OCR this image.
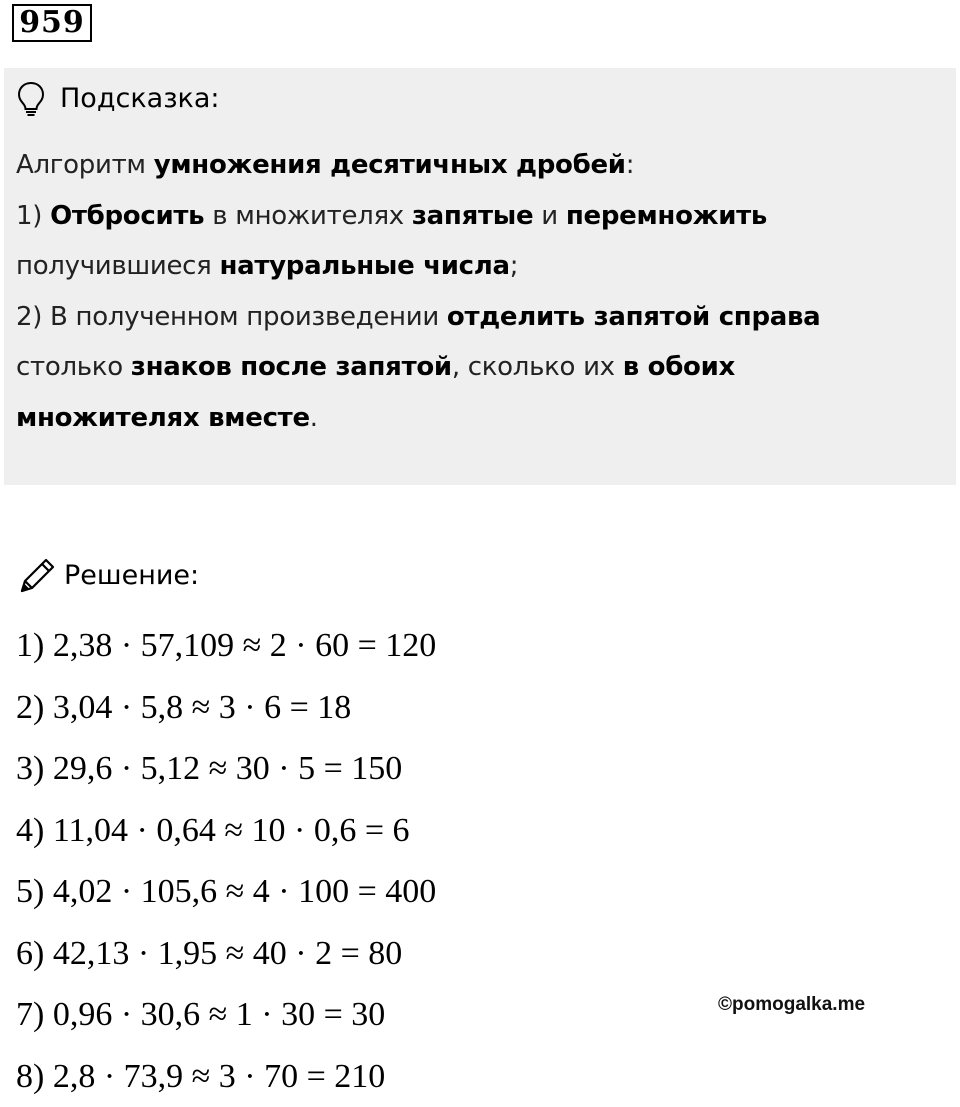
959
Подсказка:
Алгоритм умножения десятичных дробей:
1) Отбросить в множителях запятые и перемножить
получившиеся натуральные числа;
2) В полученном произведении отделить запятой справа
столько знаков после запятой, сколько их в обоих
множителях вместе.
Решение:
1) 2,38 · 57,109 ≈ 2 · 60 = 120
2) 3,04 · 5,8 ≈ 3 · 6 = 18
3) 29,6 · 5,12 ≈ 30 · 5 = 150
4) 11,04 · 0,64 ≈ 10 · 0,6 = 6
5) 4,02 · 105,6 ≈ 4 · 100 = 400
6) 42,13 · 1,95 ≈ 40 · 2 = 80
7) 0,96 · 30,6 ≈ 1 · 30 = 30
8) 2,8 · 73,9 ≈ 3 · 70 = 210
©pomogalka.me
